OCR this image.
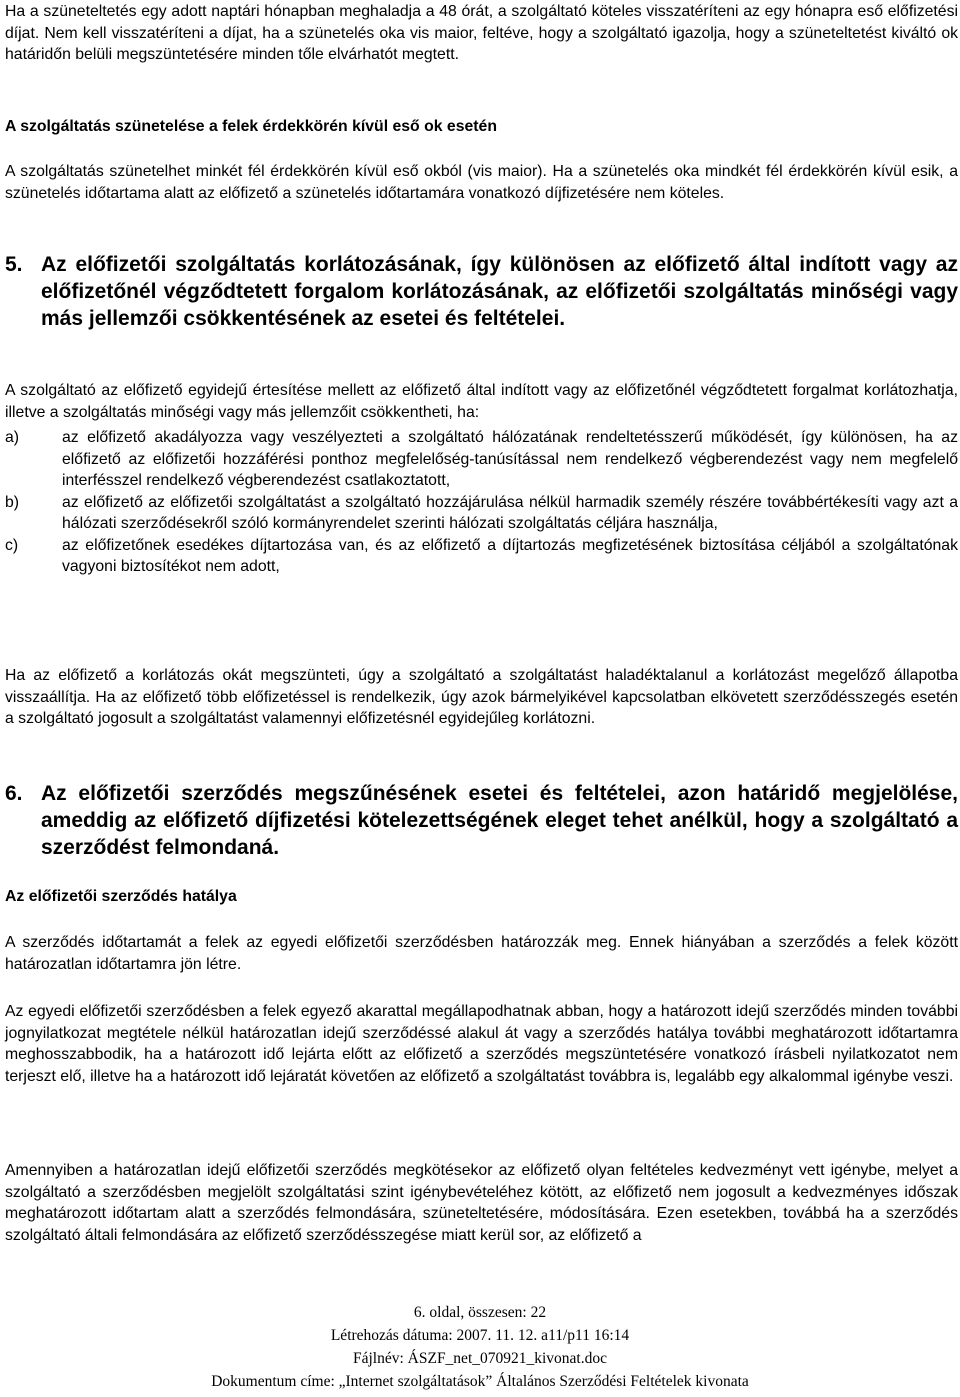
Ha a szüneteltetés egy adott naptári hónapban meghaladja a 48 órát, a szolgáltató köteles visszatéríteni az egy hónapra eső előfizetési díjat. Nem kell visszatéríteni a díjat, ha a szünetelés oka vis maior, feltéve, hogy a szolgáltató igazolja, hogy a szüneteltetést kiváltó ok határidőn belüli megszüntetésére minden tőle elvárhatót megtett.

A szolgáltatás szünetelése a felek érdekkörén kívül eső ok esetén

A szolgáltatás szünetelhet minkét fél érdekkörén kívül eső okból (vis maior). Ha a szünetelés oka mindkét fél érdekkörén kívül esik, a szünetelés időtartama alatt az előfizető a szünetelés időtartamára vonatkozó díjfizetésére nem köteles.

5. Az előfizetői szolgáltatás korlátozásának, így különösen az előfizető által indított vagy az előfizetőnél végződtetett forgalom korlátozásának, az előfizetői szolgáltatás minőségi vagy más jellemzői csökkentésének az esetei és feltételei.

A szolgáltató az előfizető egyidejű értesítése mellett az előfizető által indított vagy az előfizetőnél végződtetett forgalmat korlátozhatja, illetve a szolgáltatás minőségi vagy más jellemzőit csökkentheti, ha:

a)	az előfizető akadályozza vagy veszélyezteti a szolgáltató hálózatának rendeltetésszerű működését, így különösen, ha az előfizető az előfizetői hozzáférési ponthoz megfelelőség-tanúsítással nem rendelkező végberendezést vagy nem megfelelő interfésszel rendelkező végberendezést csatlakoztatott,
b)	az előfizető az előfizetői szolgáltatást a szolgáltató hozzájárulása nélkül harmadik személy részére továbbértékesíti vagy azt a hálózati szerződésekről szóló kormányrendelet szerinti hálózati szolgáltatás céljára használja,
c)	az előfizetőnek esedékes díjtartozása van, és az előfizető a díjtartozás megfizetésének biztosítása céljából a szolgáltatónak vagyoni biztosítékot nem adott,

Ha az előfizető a korlátozás okát megszünteti, úgy a szolgáltató a szolgáltatást haladéktalanul a korlátozást megelőző állapotba visszaállítja. Ha az előfizető több előfizetéssel is rendelkezik, úgy azok bármelyikével kapcsolatban elkövetett szerződésszegés esetén a szolgáltató jogosult a szolgáltatást valamennyi előfizetésnél egyidejűleg korlátozni.

6. Az előfizetői szerződés megszűnésének esetei és feltételei, azon határidő megjelölése, ameddig az előfizető díjfizetési kötelezettségének eleget tehet anélkül, hogy a szolgáltató a szerződést felmondaná.

Az előfizetői szerződés hatálya

A szerződés időtartamát a felek az egyedi előfizetői szerződésben határozzák meg. Ennek hiányában a szerződés a felek között határozatlan időtartamra jön létre.

Az egyedi előfizetői szerződésben a felek egyező akarattal megállapodhatnak abban, hogy a határozott idejű szerződés minden további jognyilatkozat megtétele nélkül határozatlan idejű szerződéssé alakul át vagy a szerződés hatálya további meghatározott időtartamra meghosszabbodik, ha a határozott idő lejárta előtt az előfizető a szerződés megszüntetésére vonatkozó írásbeli nyilatkozatot nem terjeszt elő, illetve ha a határozott idő lejáratát követően az előfizető a szolgáltatást továbbra is, legalább egy alkalommal igénybe veszi.

Amennyiben a határozatlan idejű előfizetői szerződés megkötésekor az előfizető olyan feltételes kedvezményt vett igénybe, melyet a szolgáltató a szerződésben megjelölt szolgáltatási szint igénybevételéhez kötött, az előfizető nem jogosult a kedvezményes időszak meghatározott időtartam alatt a szerződés felmondására, szüneteltetésére, módosítására. Ezen esetekben, továbbá ha a szerződés szolgáltató általi felmondására az előfizető szerződésszegése miatt kerül sor, az előfizető a

6. oldal, összesen: 22
Létrehozás dátuma: 2007. 11. 12. a11/p11 16:14
Fájlnév: ÁSZF_net_070921_kivonat.doc
Dokumentum címe: „Internet szolgáltatások” Általános Szerződési Feltételek kivonata
